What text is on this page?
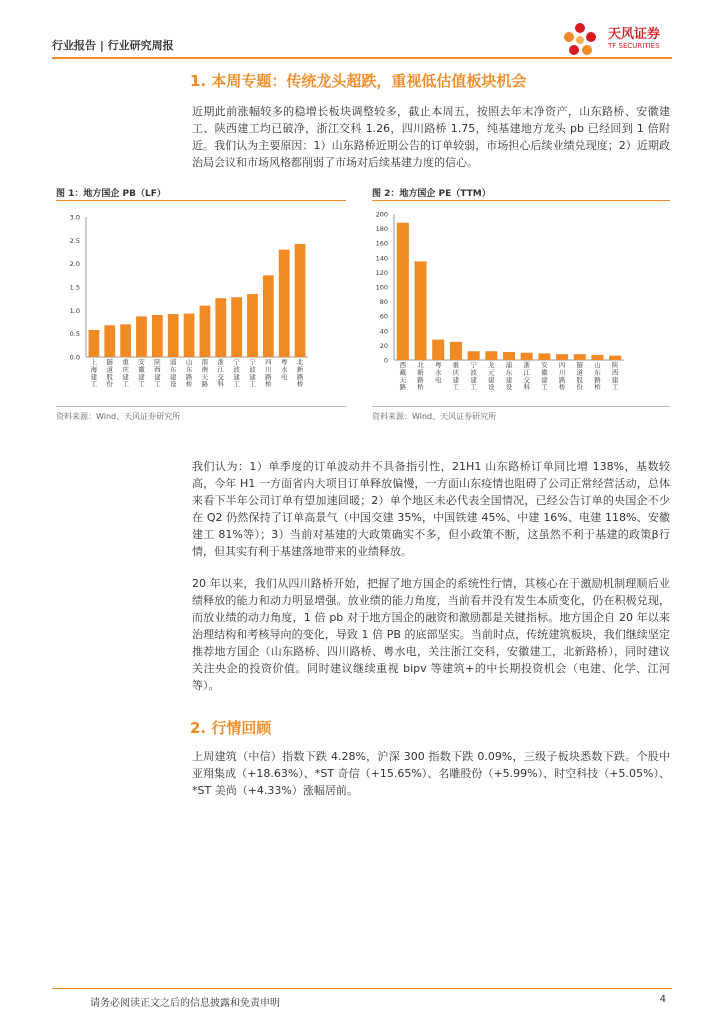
行业报告 | 行业研究周报
天风证券
TF SECURITIES
1. 本周专题：传统龙头超跌，重视低估值板块机会

近期此前涨幅较多的稳增长板块调整较多，截止本周五，按照去年末净资产，山东路桥、安徽建工、陕西建工均已破净，浙江交科 1.26，四川路桥 1.75，纯基建地方龙头 pb 已经回到 1 倍附近。我们认为主要原因：1）山东路桥近期公告的订单较弱，市场担心后续业绩兑现度；2）近期政治局会议和市场风格都削弱了市场对后续基建力度的信心。

图 1：地方国企 PB（LF）
0.0
0.5
1.0
1.5
2.0
2.5
3.0
上海建工
隧道股份
重庆建工
安徽建工
陕西建工
浦东建设
山东路桥
南南天路
浙江交科
宁波建工
宁波建工
四川路桥
粤水电
北新路桥
资料来源：Wind、天风证券研究所
图 2：地方国企 PE（TTM）
0
20
40
60
80
100
120
140
160
180
200
西藏天路
北新路桥
粤水电
重庆建工
宁波建工
龙元建设
浦东建设
浙江交科
安徽建工
四川路桥
隧道股份
山东路桥
陕西建工
资料来源：Wind、天风证券研究所

我们认为：1）单季度的订单波动并不具备指引性，21H1 山东路桥订单同比增 138%，基数较高，今年 H1 一方面省内大项目订单释放偏慢，一方面山东疫情也阻碍了公司正常经营活动，总体来看下半年公司订单有望加速回暖；2）单个地区未必代表全国情况，已经公告订单的央国企不少在 Q2 仍然保持了订单高景气（中国交建 35%，中国铁建 45%、中建 16%、电建 118%、安徽建工 81%等）；3）当前对基建的大政策确实不多，但小政策不断，这虽然不利于基建的政策β行情，但其实有利于基建落地带来的业绩释放。

20 年以来，我们从四川路桥开始，把握了地方国企的系统性行情，其核心在于激励机制理顺后业绩释放的能力和动力明显增强。放业绩的能力角度，当前看并没有发生本质变化，仍在积极兑现，而放业绩的动力角度，1 倍 pb 对于地方国企的融资和激励都是关键指标。地方国企自 20 年以来治理结构和考核导向的变化，导致 1 倍 PB 的底部坚实。当前时点，传统建筑板块，我们继续坚定推荐地方国企（山东路桥、四川路桥、粤水电，关注浙江交科，安徽建工，北新路桥），同时建议关注央企的投资价值。同时建议继续重视 bipv 等建筑+的中长期投资机会（电建、化学、江河等）。

2. 行情回顾

上周建筑（中信）指数下跌 4.28%，沪深 300 指数下跌 0.09%，三级子板块悉数下跌。个股中亚翔集成（+18.63%）、*ST 奇信（+15.65%）、名雕股份（+5.99%）、时空科技（+5.05%）、*ST 美尚（+4.33%）涨幅居前。

请务必阅读正文之后的信息披露和免责申明	4
